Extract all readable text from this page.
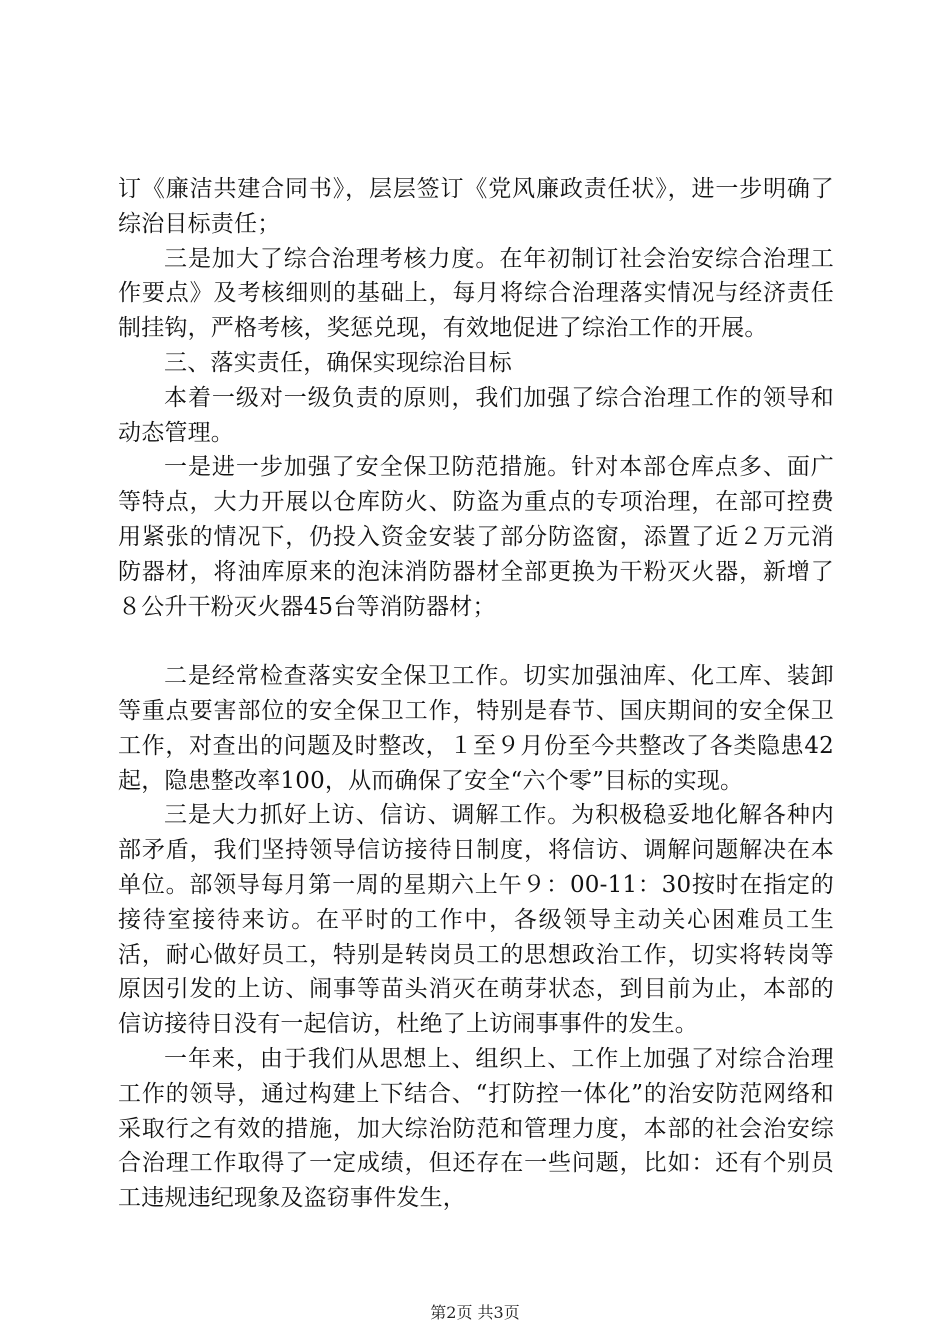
订《廉洁共建合同书》，层层签订《党风廉政责任状》，进一步明确了综治目标责任；

三是加大了综合治理考核力度。在年初制订社会治安综合治理工作要点》及考核细则的基础上，每月将综合治理落实情况与经济责任制挂钩，严格考核，奖惩兑现，有效地促进了综治工作的开展。

三、落实责任，确保实现综治目标

本着一级对一级负责的原则，我们加强了综合治理工作的领导和动态管理。

一是进一步加强了安全保卫防范措施。针对本部仓库点多、面广等特点，大力开展以仓库防火、防盗为重点的专项治理，在部可控费用紧张的情况下，仍投入资金安装了部分防盗窗，添置了近２万元消防器材，将油库原来的泡沫消防器材全部更换为干粉灭火器，新增了８公升干粉灭火器45台等消防器材；

二是经常检查落实安全保卫工作。切实加强油库、化工库、装卸等重点要害部位的安全保卫工作，特别是春节、国庆期间的安全保卫工作，对查出的问题及时整改，１至９月份至今共整改了各类隐患42起，隐患整改率100，从而确保了安全“六个零”目标的实现。

三是大力抓好上访、信访、调解工作。为积极稳妥地化解各种内部矛盾，我们坚持领导信访接待日制度，将信访、调解问题解决在本单位。部领导每月第一周的星期六上午９：00-11：30按时在指定的接待室接待来访。在平时的工作中，各级领导主动关心困难员工生活，耐心做好员工，特别是转岗员工的思想政治工作，切实将转岗等原因引发的上访、闹事等苗头消灭在萌芽状态，到目前为止，本部的信访接待日没有一起信访，杜绝了上访闹事事件的发生。

一年来，由于我们从思想上、组织上、工作上加强了对综合治理工作的领导，通过构建上下结合、“打防控一体化”的治安防范网络和采取行之有效的措施，加大综治防范和管理力度，本部的社会治安综合治理工作取得了一定成绩，但还存在一些问题，比如：还有个别员工违规违纪现象及盗窃事件发生，

第2页 共3页
